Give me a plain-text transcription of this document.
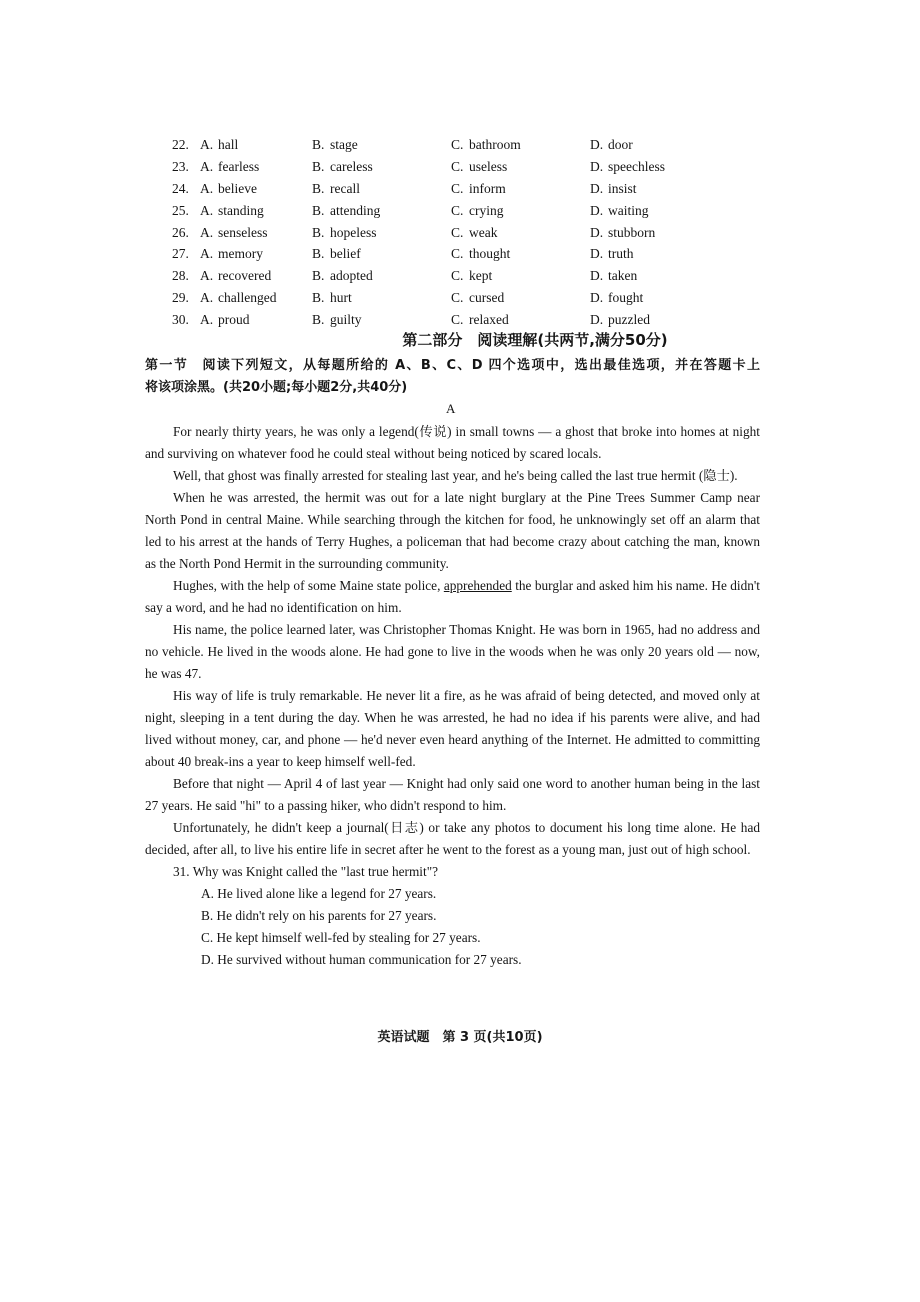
22. A. hall	B. stage	C. bathroom	D. door
23. A. fearless	B. careless	C. useless	D. speechless
24. A. believe	B. recall	C. inform	D. insist
25. A. standing	B. attending	C. crying	D. waiting
26. A. senseless	B. hopeless	C. weak	D. stubborn
27. A. memory	B. belief	C. thought	D. truth
28. A. recovered	B. adopted	C. kept	D. taken
29. A. challenged	B. hurt	C. cursed	D. fought
30. A. proud	B. guilty	C. relaxed	D. puzzled
第二部分　阅读理解(共两节,满分50分)
第一节　阅读下列短文，从每题所给的 A、B、C、D 四个选项中，选出最佳选项，并在答题卡上
将该项涂黑。(共20小题;每小题2分,共40分)
A

For nearly thirty years, he was only a legend(传说) in small towns — a ghost that broke into homes at night and surviving on whatever food he could steal without being noticed by scared locals.

Well, that ghost was finally arrested for stealing last year, and he's being called the last true hermit (隐士).

When he was arrested, the hermit was out for a late night burglary at the Pine Trees Summer Camp near North Pond in central Maine. While searching through the kitchen for food, he unknowingly set off an alarm that led to his arrest at the hands of Terry Hughes, a policeman that had become crazy about catching the man, known as the North Pond Hermit in the surrounding community.

Hughes, with the help of some Maine state police, apprehended the burglar and asked him his name. He didn't say a word, and he had no identification on him.

His name, the police learned later, was Christopher Thomas Knight. He was born in 1965, had no address and no vehicle. He lived in the woods alone. He had gone to live in the woods when he was only 20 years old — now, he was 47.

His way of life is truly remarkable. He never lit a fire, as he was afraid of being detected, and moved only at night, sleeping in a tent during the day. When he was arrested, he had no idea if his parents were alive, and had lived without money, car, and phone — he'd never even heard anything of the Internet. He admitted to committing about 40 break-ins a year to keep himself well-fed.

Before that night — April 4 of last year — Knight had only said one word to another human being in the last 27 years. He said "hi" to a passing hiker, who didn't respond to him.

Unfortunately, he didn't keep a journal(日志) or take any photos to document his long time alone. He had decided, after all, to live his entire life in secret after he went to the forest as a young man, just out of high school.

31. Why was Knight called the "last true hermit"?
A. He lived alone like a legend for 27 years.
B. He didn't rely on his parents for 27 years.
C. He kept himself well-fed by stealing for 27 years.
D. He survived without human communication for 27 years.
英语试题　第 3 页(共10页)
